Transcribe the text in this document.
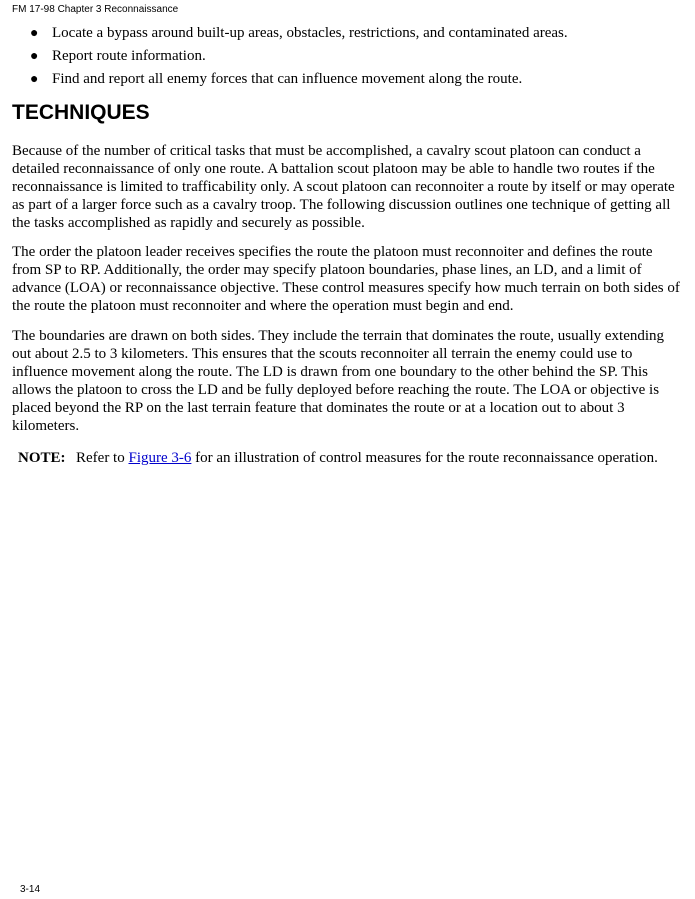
FM 17-98 Chapter 3 Reconnaissance
● Locate a bypass around built-up areas, obstacles, restrictions, and contaminated areas.
● Report route information.
● Find and report all enemy forces that can influence movement along the route.
TECHNIQUES

Because of the number of critical tasks that must be accomplished, a cavalry scout platoon can conduct a detailed reconnaissance of only one route. A battalion scout platoon may be able to handle two routes if the reconnaissance is limited to trafficability only. A scout platoon can reconnoiter a route by itself or may operate as part of a larger force such as a cavalry troop. The following discussion outlines one technique of getting all the tasks accomplished as rapidly and securely as possible.

The order the platoon leader receives specifies the route the platoon must reconnoiter and defines the route from SP to RP. Additionally, the order may specify platoon boundaries, phase lines, an LD, and a limit of advance (LOA) or reconnaissance objective. These control measures specify how much terrain on both sides of the route the platoon must reconnoiter and where the operation must begin and end.

The boundaries are drawn on both sides. They include the terrain that dominates the route, usually extending out about 2.5 to 3 kilometers. This ensures that the scouts reconnoiter all terrain the enemy could use to influence movement along the route. The LD is drawn from one boundary to the other behind the SP. This allows the platoon to cross the LD and be fully deployed before reaching the route. The LOA or objective is placed beyond the RP on the last terrain feature that dominates the route or at a location out to about 3 kilometers.

NOTE: Refer to Figure 3-6 for an illustration of control measures for the route reconnaissance operation.
3-14
